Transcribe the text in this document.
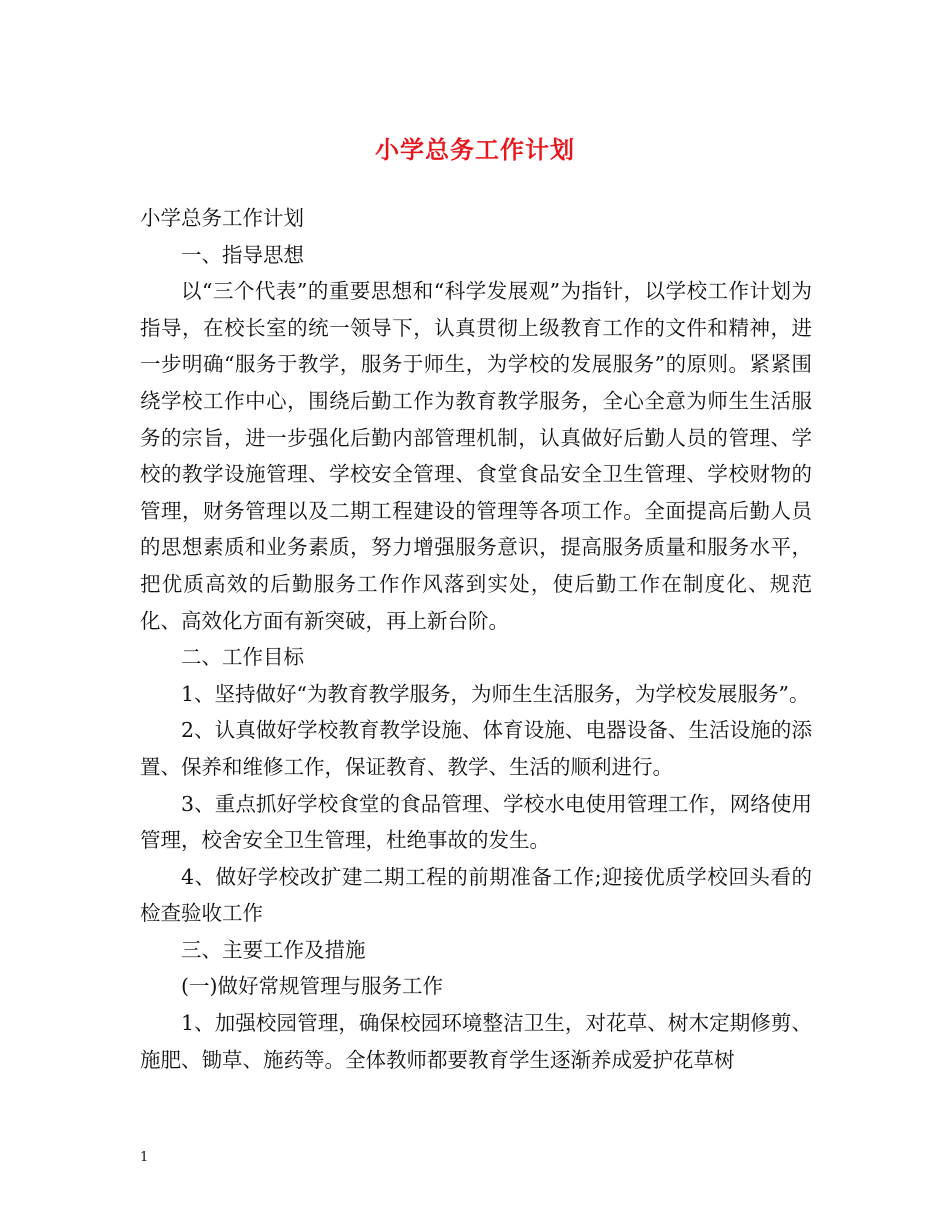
小学总务工作计划

小学总务工作计划

一、指导思想

以“三个代表”的重要思想和“科学发展观”为指针，以学校工作计划为指导，在校长室的统一领导下，认真贯彻上级教育工作的文件和精神，进一步明确“服务于教学，服务于师生，为学校的发展服务”的原则。紧紧围绕学校工作中心，围绕后勤工作为教育教学服务，全心全意为师生生活服务的宗旨，进一步强化后勤内部管理机制，认真做好后勤人员的管理、学校的教学设施管理、学校安全管理、食堂食品安全卫生管理、学校财物的管理，财务管理以及二期工程建设的管理等各项工作。全面提高后勤人员的思想素质和业务素质，努力增强服务意识，提高服务质量和服务水平，把优质高效的后勤服务工作作风落到实处，使后勤工作在制度化、规范化、高效化方面有新突破，再上新台阶。

二、工作目标

1、坚持做好“为教育教学服务，为师生生活服务，为学校发展服务”。

2、认真做好学校教育教学设施、体育设施、电器设备、生活设施的添置、保养和维修工作，保证教育、教学、生活的顺利进行。

3、重点抓好学校食堂的食品管理、学校水电使用管理工作，网络使用管理，校舍安全卫生管理，杜绝事故的发生。

4、做好学校改扩建二期工程的前期准备工作;迎接优质学校回头看的检查验收工作

三、主要工作及措施

(一)做好常规管理与服务工作

1、加强校园管理，确保校园环境整洁卫生，对花草、树木定期修剪、施肥、锄草、施药等。全体教师都要教育学生逐渐养成爱护花草树

1
